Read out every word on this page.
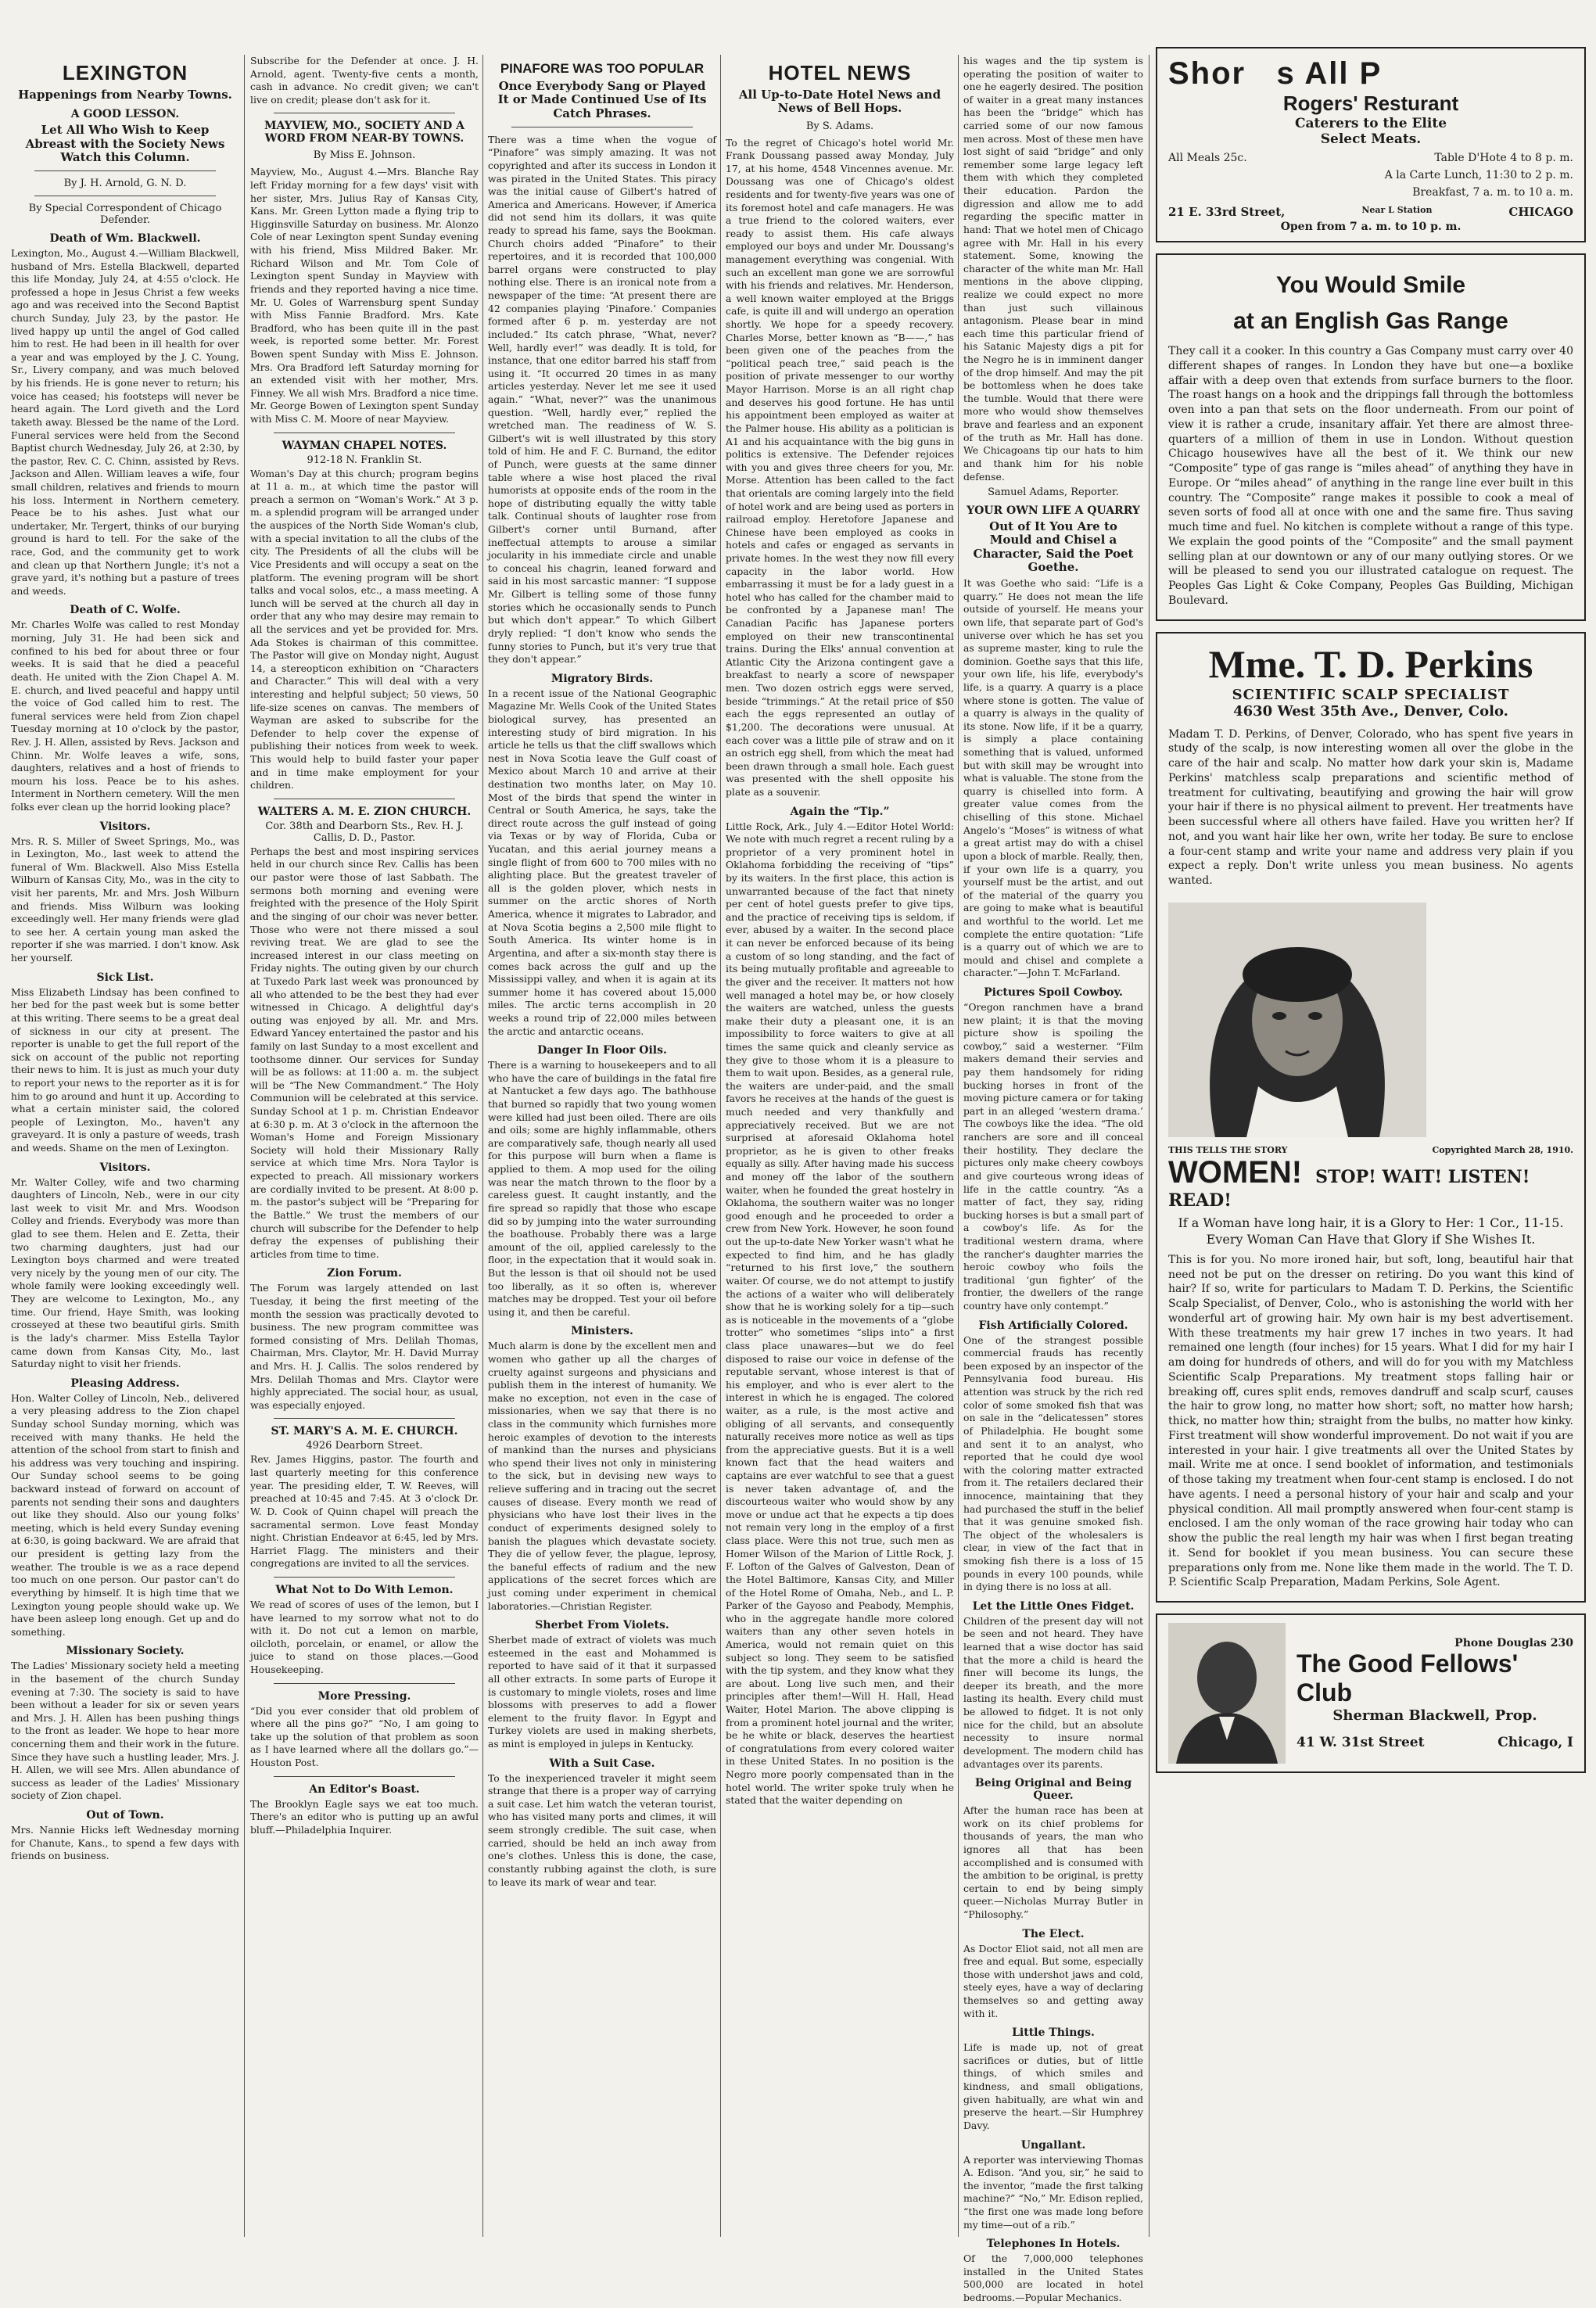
LEXINGTON
Happenings from Nearby Towns.
A GOOD LESSON.
Let All Who Wish to Keep Abreast with the Society News Watch this Column.
By J. H. Arnold, G. N. D.
By Special Correspondent of Chicago Defender.
Death of Wm. Blackwell.

Lexington, Mo., August 4.—William Blackwell, husband of Mrs. Estella Blackwell, departed this life Monday, July 24, at 4:55 o'clock. He professed a hope in Jesus Christ a few weeks ago and was received into the Second Baptist church Sunday, July 23, by the pastor. He lived happy up until the angel of God called him to rest. He had been in ill health for over a year and was employed by the J. C. Young, Sr., Livery company, and was much beloved by his friends. He is gone never to return; his voice has ceased; his footsteps will never be heard again. The Lord giveth and the Lord taketh away. Blessed be the name of the Lord. Funeral services were held from the Second Baptist church Wednesday, July 26, at 2:30, by the pastor, Rev. C. C. Chinn, assisted by Revs. Jackson and Allen. William leaves a wife, four small children, relatives and friends to mourn his loss. Interment in Northern cemetery. Peace be to his ashes. Just what our undertaker, Mr. Tergert, thinks of our burying ground is hard to tell. For the sake of the race, God, and the community get to work and clean up that Northern Jungle; it's not a grave yard, it's nothing but a pasture of trees and weeds.

Death of C. Wolfe.

Mr. Charles Wolfe was called to rest Monday morning, July 31. He had been sick and confined to his bed for about three or four weeks. It is said that he died a peaceful death. He united with the Zion Chapel A. M. E. church, and lived peaceful and happy until the voice of God called him to rest. The funeral services were held from Zion chapel Tuesday morning at 10 o'clock by the pastor, Rev. J. H. Allen, assisted by Revs. Jackson and Chinn. Mr. Wolfe leaves a wife, sons, daughters, relatives and a host of friends to mourn his loss. Peace be to his ashes. Interment in Northern cemetery. Will the men folks ever clean up the horrid looking place?

Visitors.

Mrs. R. S. Miller of Sweet Springs, Mo., was in Lexington, Mo., last week to attend the funeral of Wm. Blackwell. Also Miss Estella Wilburn of Kansas City, Mo., was in the city to visit her parents, Mr. and Mrs. Josh Wilburn and friends. Miss Wilburn was looking exceedingly well. Her many friends were glad to see her. A certain young man asked the reporter if she was married. I don't know. Ask her yourself.

Sick List.

Miss Elizabeth Lindsay has been confined to her bed for the past week but is some better at this writing. There seems to be a great deal of sickness in our city at present. The reporter is unable to get the full report of the sick on account of the public not reporting their news to him. It is just as much your duty to report your news to the reporter as it is for him to go around and hunt it up. According to what a certain minister said, the colored people of Lexington, Mo., haven't any graveyard. It is only a pasture of weeds, trash and weeds. Shame on the men of Lexington.

Visitors.

Mr. Walter Colley, wife and two charming daughters of Lincoln, Neb., were in our city last week to visit Mr. and Mrs. Woodson Colley and friends. Everybody was more than glad to see them. Helen and E. Zetta, their two charming daughters, just had our Lexington boys charmed and were treated very nicely by the young men of our city. The whole family were looking exceedingly well. They are welcome to Lexington, Mo., any time. Our friend, Haye Smith, was looking crosseyed at these two beautiful girls. Smith is the lady's charmer. Miss Estella Taylor came down from Kansas City, Mo., last Saturday night to visit her friends.

Pleasing Address.

Hon. Walter Colley of Lincoln, Neb., delivered a very pleasing address to the Zion chapel Sunday school Sunday morning, which was received with many thanks. He held the attention of the school from start to finish and his address was very touching and inspiring. Our Sunday school seems to be going backward instead of forward on account of parents not sending their sons and daughters out like they should. Also our young folks' meeting, which is held every Sunday evening at 6:30, is going backward. We are afraid that our president is getting lazy from the weather. The trouble is we as a race depend too much on one person. Our pastor can't do everything by himself. It is high time that we Lexington young people should wake up. We have been asleep long enough. Get up and do something.

Missionary Society.

The Ladies' Missionary society held a meeting in the basement of the church Sunday evening at 7:30. The society is said to have been without a leader for six or seven years and Mrs. J. H. Allen has been pushing things to the front as leader. We hope to hear more concerning them and their work in the future. Since they have such a hustling leader, Mrs. J. H. Allen, we will see Mrs. Allen abundance of success as leader of the Ladies' Missionary society of Zion chapel.

Out of Town.

Mrs. Nannie Hicks left Wednesday morning for Chanute, Kans., to spend a few days with friends on business.

Subscribe for the Defender at once. J. H. Arnold, agent. Twenty-five cents a month, cash in advance. No credit given; we can't live on credit; please don't ask for it.

MAYVIEW, MO., SOCIETY AND A WORD FROM NEAR-BY TOWNS.
By Miss E. Johnson.

Mayview, Mo., August 4.—Mrs. Blanche Ray left Friday morning for a few days' visit with her sister, Mrs. Julius Ray of Kansas City, Kans. Mr. Green Lytton made a flying trip to Higginsville Saturday on business. Mr. Alonzo Cole of near Lexington spent Sunday evening with his friend, Miss Mildred Baker. Mr. Richard Wilson and Mr. Tom Cole of Lexington spent Sunday in Mayview with friends and they reported having a nice time. Mr. U. Goles of Warrensburg spent Sunday with Miss Fannie Bradford. Mrs. Kate Bradford, who has been quite ill in the past week, is reported some better. Mr. Forest Bowen spent Sunday with Miss E. Johnson. Mrs. Ora Bradford left Saturday morning for an extended visit with her mother, Mrs. Finney. We all wish Mrs. Bradford a nice time. Mr. George Bowen of Lexington spent Sunday with Miss C. M. Moore of near Mayview.

WAYMAN CHAPEL NOTES.
912-18 N. Franklin St.

Woman's Day at this church; program begins at 11 a. m., at which time the pastor will preach a sermon on “Woman's Work.” At 3 p. m. a splendid program will be arranged under the auspices of the North Side Woman's club, with a special invitation to all the clubs of the city. The Presidents of all the clubs will be Vice Presidents and will occupy a seat on the platform. The evening program will be short talks and vocal solos, etc., a mass meeting. A lunch will be served at the church all day in order that any who may desire may remain to all the services and yet be provided for. Mrs. Ada Stokes is chairman of this committee. The Pastor will give on Monday night, August 14, a stereopticon exhibition on “Characters and Character.” This will deal with a very interesting and helpful subject; 50 views, 50 life-size scenes on canvas. The members of Wayman are asked to subscribe for the Defender to help cover the expense of publishing their notices from week to week. This would help to build faster your paper and in time make employment for your children.

WALTERS A. M. E. ZION CHURCH.
Cor. 38th and Dearborn Sts., Rev. H. J. Callis, D. D., Pastor.

Perhaps the best and most inspiring services held in our church since Rev. Callis has been our pastor were those of last Sabbath. The sermons both morning and evening were freighted with the presence of the Holy Spirit and the singing of our choir was never better. Those who were not there missed a soul reviving treat. We are glad to see the increased interest in our class meeting on Friday nights. The outing given by our church at Tuxedo Park last week was pronounced by all who attended to be the best they had ever witnessed in Chicago. A delightful day's outing was enjoyed by all. Mr. and Mrs. Edward Yancey entertained the pastor and his family on last Sunday to a most excellent and toothsome dinner. Our services for Sunday will be as follows: at 11:00 a. m. the subject will be “The New Commandment.” The Holy Communion will be celebrated at this service. Sunday School at 1 p. m. Christian Endeavor at 6:30 p. m. At 3 o'clock in the afternoon the Woman's Home and Foreign Missionary Society will hold their Missionary Rally service at which time Mrs. Nora Taylor is expected to preach. All missionary workers are cordially invited to be present. At 8:00 p. m. the pastor's subject will be “Preparing for the Battle.” We trust the members of our church will subscribe for the Defender to help defray the expenses of publishing their articles from time to time.

Zion Forum.

The Forum was largely attended on last Tuesday, it being the first meeting of the month the session was practically devoted to business. The new program committee was formed consisting of Mrs. Delilah Thomas, Chairman, Mrs. Claytor, Mr. H. David Murray and Mrs. H. J. Callis. The solos rendered by Mrs. Delilah Thomas and Mrs. Claytor were highly appreciated. The social hour, as usual, was especially enjoyed.

ST. MARY'S A. M. E. CHURCH.
4926 Dearborn Street.

Rev. James Higgins, pastor. The fourth and last quarterly meeting for this conference year. The presiding elder, T. W. Reeves, will preached at 10:45 and 7:45. At 3 o'clock Dr. W. D. Cook of Quinn chapel will preach the sacramental sermon. Love feast Monday night. Christian Endeavor at 6:45, led by Mrs. Harriet Flagg. The ministers and their congregations are invited to all the services.

What Not to Do With Lemon.

We read of scores of uses of the lemon, but I have learned to my sorrow what not to do with it. Do not cut a lemon on marble, oilcloth, porcelain, or enamel, or allow the juice to stand on those places.—Good Housekeeping.

More Pressing.

“Did you ever consider that old problem of where all the pins go?” “No, I am going to take up the solution of that problem as soon as I have learned where all the dollars go.”—Houston Post.

An Editor's Boast.

The Brooklyn Eagle says we eat too much. There's an editor who is putting up an awful bluff.—Philadelphia Inquirer.

PINAFORE WAS TOO POPULAR
Once Everybody Sang or Played It or Made Continued Use of Its Catch Phrases.

There was a time when the vogue of “Pinafore” was simply amazing. It was not copyrighted and after its success in London it was pirated in the United States. This piracy was the initial cause of Gilbert's hatred of America and Americans. However, if America did not send him its dollars, it was quite ready to spread his fame, says the Bookman. Church choirs added “Pinafore” to their repertoires, and it is recorded that 100,000 barrel organs were constructed to play nothing else. There is an ironical note from a newspaper of the time: “At present there are 42 companies playing ‘Pinafore.’ Companies formed after 6 p. m. yesterday are not included.” Its catch phrase, “What, never? Well, hardly ever!” was deadly. It is told, for instance, that one editor barred his staff from using it. “It occurred 20 times in as many articles yesterday. Never let me see it used again.” “What, never?” was the unanimous question. “Well, hardly ever,” replied the wretched man. The readiness of W. S. Gilbert's wit is well illustrated by this story told of him. He and F. C. Burnand, the editor of Punch, were guests at the same dinner table where a wise host placed the rival humorists at opposite ends of the room in the hope of distributing equally the witty table talk. Continual shouts of laughter rose from Gilbert's corner until Burnand, after ineffectual attempts to arouse a similar jocularity in his immediate circle and unable to conceal his chagrin, leaned forward and said in his most sarcastic manner: “I suppose Mr. Gilbert is telling some of those funny stories which he occasionally sends to Punch but which don't appear.” To which Gilbert dryly replied: “I don't know who sends the funny stories to Punch, but it's very true that they don't appear.”

Migratory Birds.

In a recent issue of the National Geographic Magazine Mr. Wells Cook of the United States biological survey, has presented an interesting study of bird migration. In his article he tells us that the cliff swallows which nest in Nova Scotia leave the Gulf coast of Mexico about March 10 and arrive at their destination two months later, on May 10. Most of the birds that spend the winter in Central or South America, he says, take the direct route across the gulf instead of going via Texas or by way of Florida, Cuba or Yucatan, and this aerial journey means a single flight of from 600 to 700 miles with no alighting place. But the greatest traveler of all is the golden plover, which nests in summer on the arctic shores of North America, whence it migrates to Labrador, and at Nova Scotia begins a 2,500 mile flight to South America. Its winter home is in Argentina, and after a six-month stay there is comes back across the gulf and up the Mississippi valley, and when it is again at its summer home it has covered about 15,000 miles. The arctic terns accomplish in 20 weeks a round trip of 22,000 miles between the arctic and antarctic oceans.

Danger In Floor Oils.

There is a warning to housekeepers and to all who have the care of buildings in the fatal fire at Nantucket a few days ago. The bathhouse that burned so rapidly that two young women were killed had just been oiled. There are oils and oils; some are highly inflammable, others are comparatively safe, though nearly all used for this purpose will burn when a flame is applied to them. A mop used for the oiling was near the match thrown to the floor by a careless guest. It caught instantly, and the fire spread so rapidly that those who escape did so by jumping into the water surrounding the boathouse. Probably there was a large amount of the oil, applied carelessly to the floor, in the expectation that it would soak in. But the lesson is that oil should not be used too liberally, as it so often is, wherever matches may be dropped. Test your oil before using it, and then be careful.

Ministers.

Much alarm is done by the excellent men and women who gather up all the charges of cruelty against surgeons and physicians and publish them in the interest of humanity. We make no exception, not even in the case of missionaries, when we say that there is no class in the community which furnishes more heroic examples of devotion to the interests of mankind than the nurses and physicians who spend their lives not only in ministering to the sick, but in devising new ways to relieve suffering and in tracing out the secret causes of disease. Every month we read of physicians who have lost their lives in the conduct of experiments designed solely to banish the plagues which devastate society. They die of yellow fever, the plague, leprosy, the baneful effects of radium and the new applications of the secret forces which are just coming under experiment in chemical laboratories.—Christian Register.

Sherbet From Violets.

Sherbet made of extract of violets was much esteemed in the east and Mohammed is reported to have said of it that it surpassed all other extracts. In some parts of Europe it is customary to mingle violets, roses and lime blossoms with preserves to add a flower element to the fruity flavor. In Egypt and Turkey violets are used in making sherbets, as mint is employed in juleps in Kentucky.

With a Suit Case.

To the inexperienced traveler it might seem strange that there is a proper way of carrying a suit case. Let him watch the veteran tourist, who has visited many ports and climes, it will seem strongly credible. The suit case, when carried, should be held an inch away from one's clothes. Unless this is done, the case, constantly rubbing against the cloth, is sure to leave its mark of wear and tear.

HOTEL NEWS
All Up-to-Date Hotel News and News of Bell Hops.
By S. Adams.

To the regret of Chicago's hotel world Mr. Frank Doussang passed away Monday, July 17, at his home, 4548 Vincennes avenue. Mr. Doussang was one of Chicago's oldest residents and for twenty-five years was one of its foremost hotel and cafe managers. He was a true friend to the colored waiters, ever ready to assist them. His cafe always employed our boys and under Mr. Doussang's management everything was congenial. With such an excellent man gone we are sorrowful with his friends and relatives. Mr. Henderson, a well known waiter employed at the Briggs cafe, is quite ill and will undergo an operation shortly. We hope for a speedy recovery. Charles Morse, better known as “B——,” has been given one of the peaches from the “political peach tree,” said peach is the position of private messenger to our worthy Mayor Harrison. Morse is an all right chap and deserves his good fortune. He has until his appointment been employed as waiter at the Palmer house. His ability as a politician is A1 and his acquaintance with the big guns in politics is extensive. The Defender rejoices with you and gives three cheers for you, Mr. Morse. Attention has been called to the fact that orientals are coming largely into the field of hotel work and are being used as porters in railroad employ. Heretofore Japanese and Chinese have been employed as cooks in hotels and cafes or engaged as servants in private homes. In the west they now fill every capacity in the labor world. How embarrassing it must be for a lady guest in a hotel who has called for the chamber maid to be confronted by a Japanese man! The Canadian Pacific has Japanese porters employed on their new transcontinental trains. During the Elks' annual convention at Atlantic City the Arizona contingent gave a breakfast to nearly a score of newspaper men. Two dozen ostrich eggs were served, beside “trimmings.” At the retail price of $50 each the eggs represented an outlay of $1,200. The decorations were unusual. At each cover was a little pile of straw and on it an ostrich egg shell, from which the meat had been drawn through a small hole. Each guest was presented with the shell opposite his plate as a souvenir.

Again the “Tip.”

Little Rock, Ark., July 4.—Editor Hotel World: We note with much regret a recent ruling by a proprietor of a very prominent hotel in Oklahoma forbidding the receiving of “tips” by its waiters. In the first place, this action is unwarranted because of the fact that ninety per cent of hotel guests prefer to give tips, and the practice of receiving tips is seldom, if ever, abused by a waiter. In the second place it can never be enforced because of its being a custom of so long standing, and the fact of its being mutually profitable and agreeable to the giver and the receiver. It matters not how well managed a hotel may be, or how closely the waiters are watched, unless the guests make their duty a pleasant one, it is an impossibility to force waiters to give at all times the same quick and cleanly service as they give to those whom it is a pleasure to them to wait upon. Besides, as a general rule, the waiters are under-paid, and the small favors he receives at the hands of the guest is much needed and very thankfully and appreciatively received. But we are not surprised at aforesaid Oklahoma hotel proprietor, as he is given to other freaks equally as silly. After having made his success and money off the labor of the southern waiter, when he founded the great hostelry in Oklahoma, the southern waiter was no longer good enough and he proceeded to order a crew from New York. However, he soon found out the up-to-date New Yorker wasn't what he expected to find him, and he has gladly “returned to his first love,” the southern waiter. Of course, we do not attempt to justify the actions of a waiter who will deliberately show that he is working solely for a tip—such as is noticeable in the movements of a “globe trotter” who sometimes “slips into” a first class place unawares—but we do feel disposed to raise our voice in defense of the reputable servant, whose interest is that of his employer, and who is ever alert to the interest in which he is engaged. The colored waiter, as a rule, is the most active and obliging of all servants, and consequently naturally receives more notice as well as tips from the appreciative guests. But it is a well known fact that the head waiters and captains are ever watchful to see that a guest is never taken advantage of, and the discourteous waiter who would show by any move or undue act that he expects a tip does not remain very long in the employ of a first class place. Were this not true, such men as Homer Wilson of the Marion of Little Rock, J. F. Lofton of the Galves of Galveston, Dean of the Hotel Baltimore, Kansas City, and Miller of the Hotel Rome of Omaha, Neb., and L. P. Parker of the Gayoso and Peabody, Memphis, who in the aggregate handle more colored waiters than any other seven hotels in America, would not remain quiet on this subject so long. They seem to be satisfied with the tip system, and they know what they are about. Long live such men, and their principles after them!—Will H. Hall, Head Waiter, Hotel Marion. The above clipping is from a prominent hotel journal and the writer, be he white or black, deserves the heartiest of congratulations from every colored waiter in these United States. In no position is the Negro more poorly compensated than in the hotel world. The writer spoke truly when he stated that the waiter depending on

his wages and the tip system is operating the position of waiter to one he eagerly desired. The position of waiter in a great many instances has been the “bridge” which has carried some of our now famous men across. Most of these men have lost sight of said “bridge” and only remember some large legacy left them with which they completed their education. Pardon the digression and allow me to add regarding the specific matter in hand: That we hotel men of Chicago agree with Mr. Hall in his every statement. Some, knowing the character of the white man Mr. Hall mentions in the above clipping, realize we could expect no more than just such villainous antagonism. Please bear in mind each time this particular friend of his Satanic Majesty digs a pit for the Negro he is in imminent danger of the drop himself. And may the pit be bottomless when he does take the tumble. Would that there were more who would show themselves brave and fearless and an exponent of the truth as Mr. Hall has done. We Chicagoans tip our hats to him and thank him for his noble defense.

Samuel Adams, Reporter.
YOUR OWN LIFE A QUARRY
Out of It You Are to Mould and Chisel a Character, Said the Poet Goethe.

It was Goethe who said: “Life is a quarry.” He does not mean the life outside of yourself. He means your own life, that separate part of God's universe over which he has set you as supreme master, king to rule the dominion. Goethe says that this life, your own life, his life, everybody's life, is a quarry. A quarry is a place where stone is gotten. The value of a quarry is always in the quality of its stone. Now life, if it be a quarry, is simply a place containing something that is valued, unformed but with skill may be wrought into what is valuable. The stone from the quarry is chiselled into form. A greater value comes from the chiselling of this stone. Michael Angelo's “Moses” is witness of what a great artist may do with a chisel upon a block of marble. Really, then, if your own life is a quarry, you yourself must be the artist, and out of the material of the quarry you are going to make what is beautiful and worthful to the world. Let me complete the entire quotation: “Life is a quarry out of which we are to mould and chisel and complete a character.”—John T. McFarland.

Pictures Spoil Cowboy.

“Oregon ranchmen have a brand new plaint; it is that the moving picture show is spoiling the cowboy,” said a westerner. “Film makers demand their servies and pay them handsomely for riding bucking horses in front of the moving picture camera or for taking part in an alleged ‘western drama.’ The cowboys like the idea. “The old ranchers are sore and ill conceal their hostility. They declare the pictures only make cheery cowboys and give courteous wrong ideas of life in the cattle country. “As a matter of fact, they say, riding bucking horses is but a small part of a cowboy's life. As for the traditional western drama, where the rancher's daughter marries the heroic cowboy who foils the traditional ‘gun fighter’ of the frontier, the dwellers of the range country have only contempt.”

Fish Artificially Colored.

One of the strangest possible commercial frauds has recently been exposed by an inspector of the Pennsylvania food bureau. His attention was struck by the rich red color of some smoked fish that was on sale in the “delicatessen” stores of Philadelphia. He bought some and sent it to an analyst, who reported that he could dye wool with the coloring matter extracted from it. The retailers declared their innocence, maintaining that they had purchased the stuff in the belief that it was genuine smoked fish. The object of the wholesalers is clear, in view of the fact that in smoking fish there is a loss of 15 pounds in every 100 pounds, while in dying there is no loss at all.

Let the Little Ones Fidget.

Children of the present day will not be seen and not heard. They have learned that a wise doctor has said that the more a child is heard the finer will become its lungs, the deeper its breath, and the more lasting its health. Every child must be allowed to fidget. It is not only nice for the child, but an absolute necessity to insure normal development. The modern child has advantages over its parents.

Being Original and Being Queer.

After the human race has been at work on its chief problems for thousands of years, the man who ignores all that has been accomplished and is consumed with the ambition to be original, is pretty certain to end by being simply queer.—Nicholas Murray Butler in “Philosophy.”

The Elect.

As Doctor Eliot said, not all men are free and equal. But some, especially those with undershot jaws and cold, steely eyes, have a way of declaring themselves so and getting away with it.

Little Things.

Life is made up, not of great sacrifices or duties, but of little things, of which smiles and kindness, and small obligations, given habitually, are what win and preserve the heart.—Sir Humphrey Davy.

Ungallant.

A reporter was interviewing Thomas A. Edison. “And you, sir,” he said to the inventor, “made the first talking machine?” “No,” Mr. Edison replied, “the first one was made long before my time—out of a rib.”

Telephones In Hotels.

Of the 7,000,000 telephones installed in the United States 500,000 are located in hotel bedrooms.—Popular Mechanics.

Shor s All P
Rogers' Resturant
Caterers to the Elite
Select Meats.
All Meals 25c.	Table D'Hote 4 to 8 p. m.
A la Carte Lunch, 11:30 to 2 p. m.
Breakfast, 7 a. m. to 10 a. m.
21 E. 33rd Street,	Near L Station	CHICAGO
Open from 7 a. m. to 10 p. m.
You Would Smile
at an English Gas Range

They call it a cooker. In this country a Gas Company must carry over 40 different shapes of ranges. In London they have but one—a boxlike affair with a deep oven that extends from surface burners to the floor. The roast hangs on a hook and the drippings fall through the bottomless oven into a pan that sets on the floor underneath. From our point of view it is rather a crude, insanitary affair. Yet there are almost three-quarters of a million of them in use in London. Without question Chicago housewives have all the best of it. We think our new “Composite” type of gas range is “miles ahead” of anything they have in Europe. Or “miles ahead” of anything in the range line ever built in this country. The “Composite” range makes it possible to cook a meal of seven sorts of food all at once with one and the same fire. Thus saving much time and fuel. No kitchen is complete without a range of this type. We explain the good points of the “Composite” and the small payment selling plan at our downtown or any of our many outlying stores. Or we will be pleased to send you our illustrated catalogue on request. The Peoples Gas Light & Coke Company, Peoples Gas Building, Michigan Boulevard.

Mme. T. D. Perkins
SCIENTIFIC SCALP SPECIALIST
4630 West 35th Ave., Denver, Colo.

Madam T. D. Perkins, of Denver, Colorado, who has spent five years in study of the scalp, is now interesting women all over the globe in the care of the hair and scalp. No matter how dark your skin is, Madame Perkins' matchless scalp preparations and scientific method of treatment for cultivating, beautifying and growing the hair will grow your hair if there is no physical ailment to prevent. Her treatments have been successful where all others have failed. Have you written her? If not, and you want hair like her own, write her today. Be sure to enclose a four-cent stamp and write your name and address very plain if you expect a reply. Don't write unless you mean business. No agents wanted.

THIS TELLS THE STORY	Copyrighted March 28, 1910.
WOMEN! STOP! WAIT! LISTEN! READ!
If a Woman have long hair, it is a Glory to Her: 1 Cor., 11-15.
Every Woman Can Have that Glory if She Wishes It.

This is for you. No more ironed hair, but soft, long, beautiful hair that need not be put on the dresser on retiring. Do you want this kind of hair? If so, write for particulars to Madam T. D. Perkins, the Scientific Scalp Specialist, of Denver, Colo., who is astonishing the world with her wonderful art of growing hair. My own hair is my best advertisement. With these treatments my hair grew 17 inches in two years. It had remained one length (four inches) for 15 years. What I did for my hair I am doing for hundreds of others, and will do for you with my Matchless Scientific Scalp Preparations. My treatment stops falling hair or breaking off, cures split ends, removes dandruff and scalp scurf, causes the hair to grow long, no matter how short; soft, no matter how harsh; thick, no matter how thin; straight from the bulbs, no matter how kinky. First treatment will show wonderful improvement. Do not wait if you are interested in your hair. I give treatments all over the United States by mail. Write me at once. I send booklet of information, and testimonials of those taking my treatment when four-cent stamp is enclosed. I do not have agents. I need a personal history of your hair and scalp and your physical condition. All mail promptly answered when four-cent stamp is enclosed. I am the only woman of the race growing hair today who can show the public the real length my hair was when I first began treating it. Send for booklet if you mean business. You can secure these preparations only from me. None like them made in the world. The T. D. P. Scientific Scalp Preparation, Madam Perkins, Sole Agent.

Phone Douglas 230
The Good Fellows' Club
Sherman Blackwell, Prop.
41 W. 31st Street	Chicago, I
